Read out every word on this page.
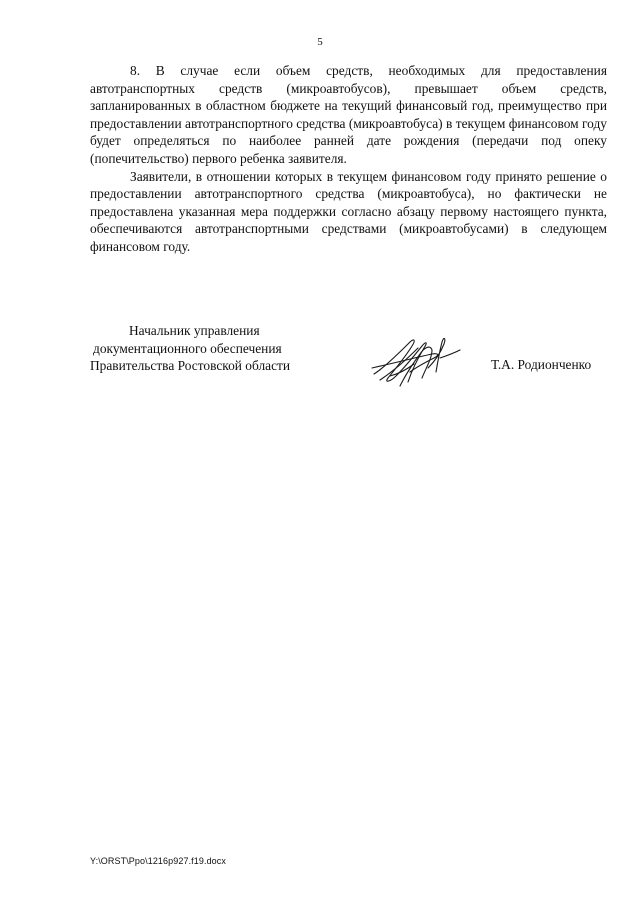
5

8. В случае если объем средств, необходимых для предоставления автотранспортных средств (микроавтобусов), превышает объем средств, запланированных в областном бюджете на текущий финансовый год, преимущество при предоставлении автотранспортного средства (микроавтобуса) в текущем финансовом году будет определяться по наиболее ранней дате рождения (передачи под опеку (попечительство) первого ребенка заявителя.

Заявители, в отношении которых в текущем финансовом году принято решение о предоставлении автотранспортного средства (микроавтобуса), но фактически не предоставлена указанная мера поддержки согласно абзацу первому настоящего пункта, обеспечиваются автотранспортными средствами (микроавтобусами) в следующем финансовом году.

Начальник управления
документационного обеспечения
Правительства Ростовской области	Т.А. Родионченко
Y:\ORST\Ppo\1216p927.f19.docx
